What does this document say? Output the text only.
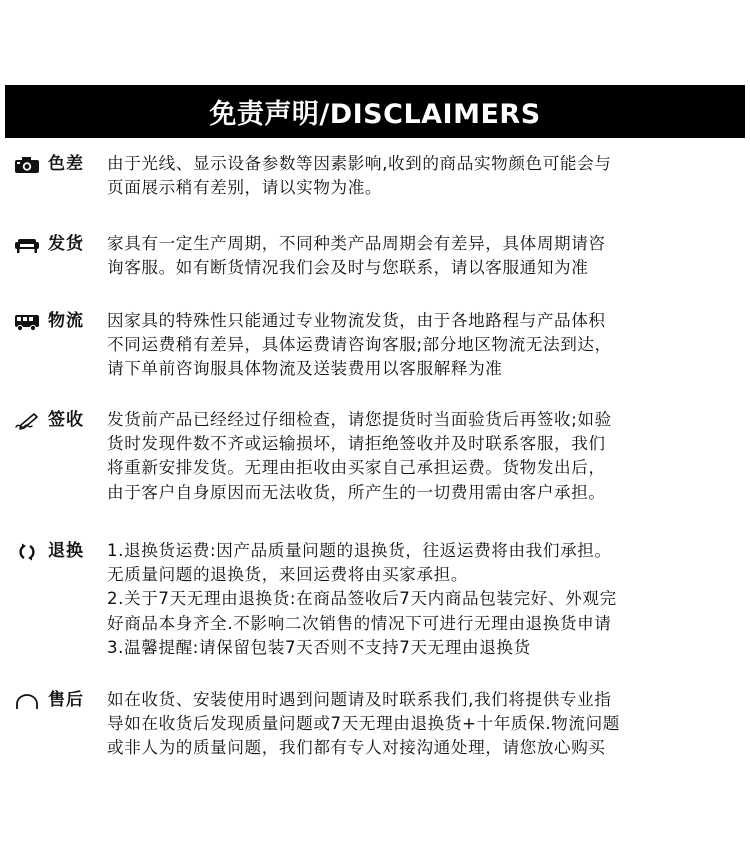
免责声明/DISCLAIMERS
色差	由于光线、显示设备参数等因素影响,收到的商品实物颜色可能会与
页面展示稍有差别，请以实物为准。
发货	家具有一定生产周期，不同种类产品周期会有差异，具体周期请咨
询客服。如有断货情况我们会及时与您联系，请以客服通知为准
物流	因家具的特殊性只能通过专业物流发货，由于各地路程与产品体积
不同运费稍有差异，具体运费请咨询客服;部分地区物流无法到达，
请下单前咨询服具体物流及送装费用以客服解释为准
签收	发货前产品已经经过仔细检查，请您提货时当面验货后再签收;如验
货时发现件数不齐或运输损坏，请拒绝签收并及时联系客服，我们
将重新安排发货。无理由拒收由买家自己承担运费。货物发出后，
由于客户自身原因而无法收货，所产生的一切费用需由客户承担。
退换	1.退换货运费:因产品质量问题的退换货，往返运费将由我们承担。
无质量问题的退换货，来回运费将由买家承担。
2.关于7天无理由退换货:在商品签收后7天内商品包装完好、外观完
好商品本身齐全.不影响二次销售的情况下可进行无理由退换货申请
3.温馨提醒:请保留包装7天否则不支持7天无理由退换货
售后	如在收货、安装使用时遇到问题请及时联系我们,我们将提供专业指
导如在收货后发现质量问题或7天无理由退换货+十年质保.物流问题
或非人为的质量问题，我们都有专人对接沟通处理，请您放心购买
